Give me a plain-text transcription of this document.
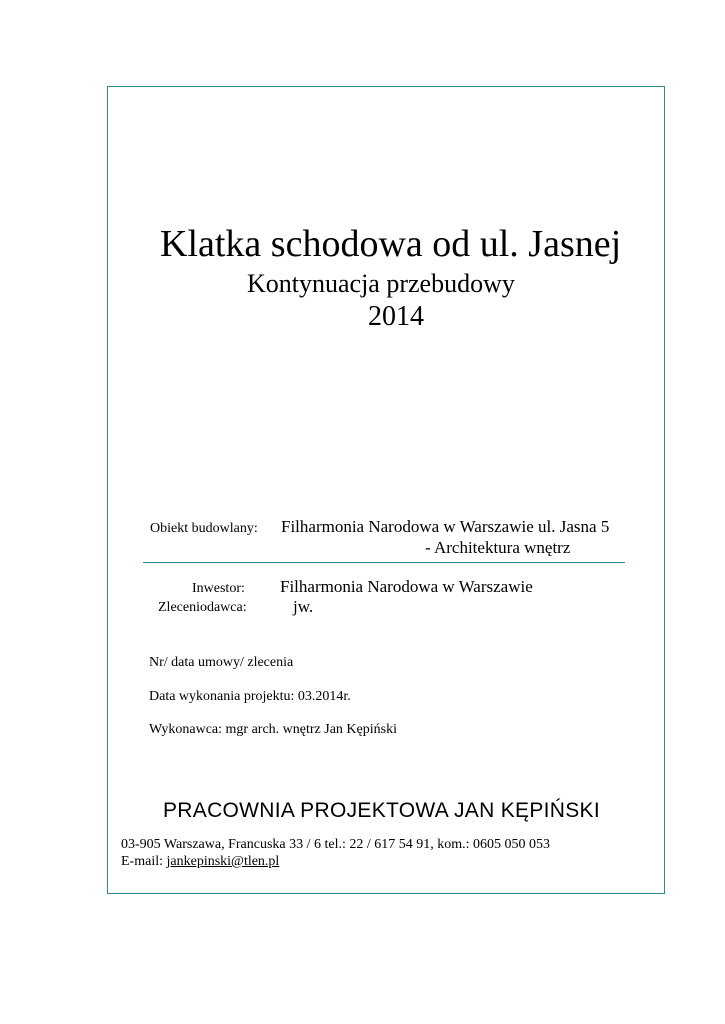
Klatka schodowa od ul. Jasnej
Kontynuacja przebudowy
2014
Obiekt budowlany: Filharmonia Narodowa w Warszawie ul. Jasna 5
- Architektura wnętrz
Inwestor: Filharmonia Narodowa w Warszawie
Zleceniodawca:	jw.
Nr/ data umowy/ zlecenia
Data wykonania projektu: 03.2014r.
Wykonawca: mgr arch. wnętrz Jan Kępiński
PRACOWNIA PROJEKTOWA JAN KĘPIŃSKI
03-905 Warszawa, Francuska 33 / 6 tel.: 22 / 617 54 91, kom.: 0605 050 053
E-mail: jankepinski@tlen.pl
